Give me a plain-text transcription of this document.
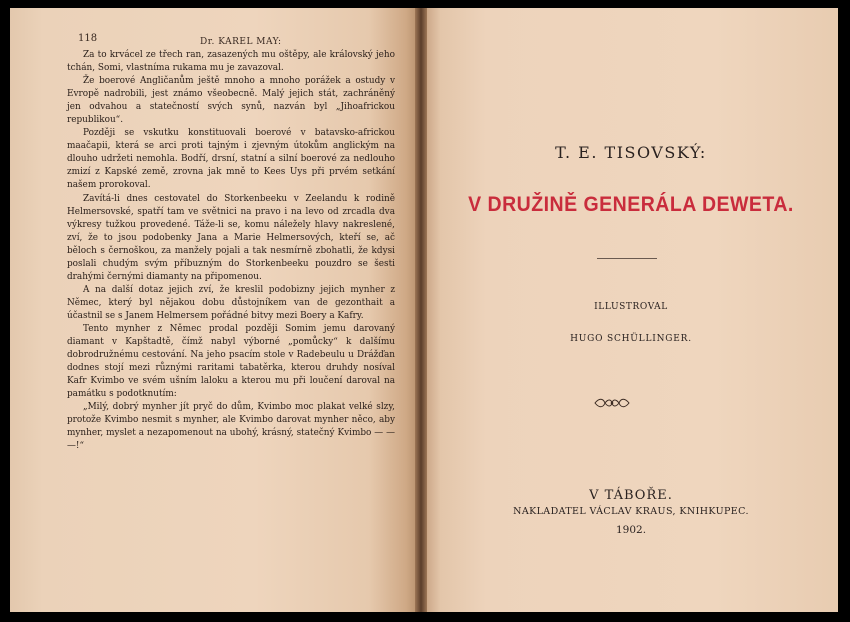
118	Dr. KAREL MAY:

Za to krvácel ze třech ran, zasazených mu oštěpy, ale královský jeho tchán, Somi, vlastníma rukama mu je zavazoval.

Že boerové Angličanům ještě mnoho a mnoho porážek a ostudy v Evropě nadrobili, jest známo všeobecně. Malý jejich stát, zachráněný jen odvahou a statečností svých synů, nazván byl „Jihoafrickou republikou“.

Později se vskutku konstituovali boerové v batavsko-africkou maačapii, která se arci proti tajným i zjevným útokům anglickým na dlouho udržeti nemohla. Bodří, drsní, statní a silní boerové za nedlouho zmizí z Kapské země, zrovna jak mně to Kees Uys při prvém setkání našem prorokoval.

Zavítá-li dnes cestovatel do Storkenbeeku v Zeelandu k rodině Helmersovské, spatří tam ve světnici na pravo i na levo od zrcadla dva výkresy tužkou provedené. Táže-li se, komu náležely hlavy nakreslené, zví, že to jsou podobenky Jana a Marie Helmersových, kteří se, ač běloch s černoškou, za manžely pojali a tak nesmírně zbohatli, že kdysi poslali chudým svým příbuzným do Storkenbeeku pouzdro se šesti drahými černými diamanty na připomenou.

A na další dotaz jejich zví, že kreslil podobizny jejich mynher z Němec, který byl nějakou dobu důstojníkem van de gezonthait a účastnil se s Janem Helmersem pořádné bitvy mezi Boery a Kafry.

Tento mynher z Němec prodal později Somim jemu darovaný diamant v Kapštadtě, čímž nabyl výborné „pomůcky“ k dalšímu dobrodružnému cestování. Na jeho psacím stole v Radebeulu u Drážďan dodnes stojí mezi různými raritami tabatěrka, kterou druhdy nosíval Kafr Kvimbo ve svém ušním laloku a kterou mu při loučení daroval na památku s podotknutím:

„Milý, dobrý mynher jít pryč do dům, Kvimbo moc plakat velké slzy, protože Kvimbo nesmit s mynher, ale Kvimbo darovat mynher něco, aby mynher, myslet a nezapomenout na ubohý, krásný, statečný Kvimbo — — —!“

T. E. TISOVSKÝ:
V DRUŽINĚ GENERÁLA DEWETA.
ILLUSTROVAL
HUGO SCHÜLLINGER.
V TÁBOŘE.
NAKLADATEL VÁCLAV KRAUS, KNIHKUPEC.
1902.
